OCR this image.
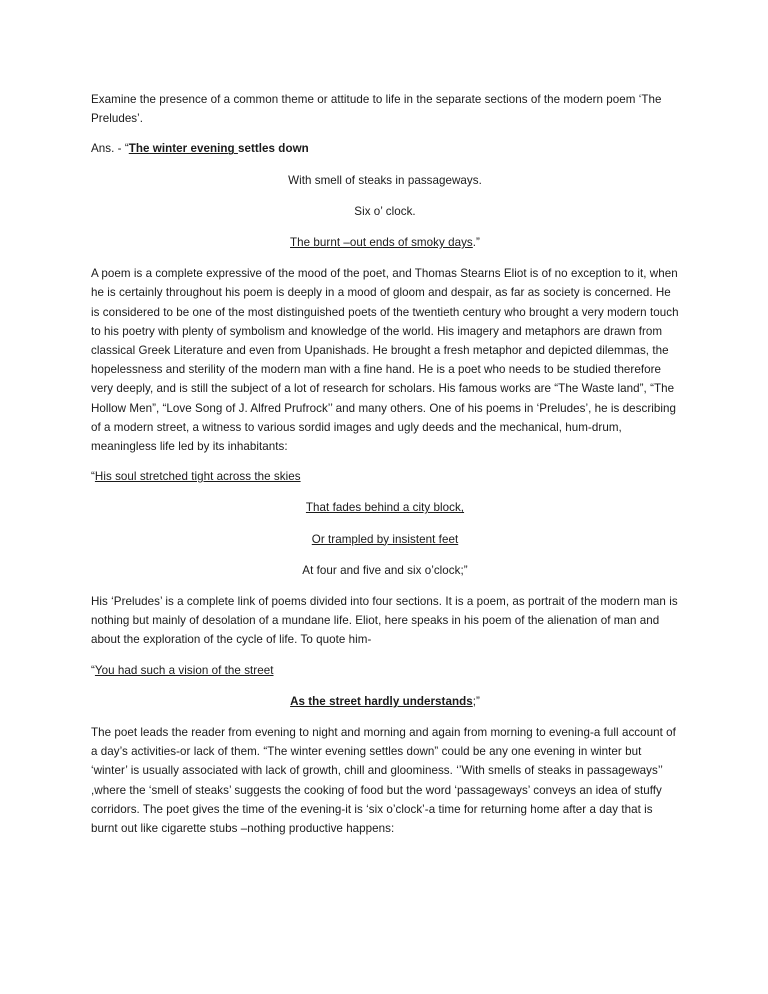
Examine the presence of a common theme or attitude to life in the separate sections of the modern poem ‘The Preludes’.

Ans. - “The winter evening settles down

With smell of steaks in passageways.

Six o’ clock.

The burnt –out ends of smoky days.”

A poem is a complete expressive of the mood of the poet, and Thomas Stearns Eliot is of no exception to it, when he is certainly throughout his poem is deeply in a mood of gloom and despair, as far as society is concerned. He is considered to be one of the most distinguished poets of the twentieth century who brought a very modern touch to his poetry with plenty of symbolism and knowledge of the world. His imagery and metaphors are drawn from classical Greek Literature and even from Upanishads. He brought a fresh metaphor and depicted dilemmas, the hopelessness and sterility of the modern man with a fine hand. He is a poet who needs to be studied therefore very deeply, and is still the subject of a lot of research for scholars. His famous works are “The Waste land”, “The Hollow Men”, “Love Song of J. Alfred Prufrock’’ and many others. One of his poems in ‘Preludes’, he is describing of a modern street, a witness to various sordid images and ugly deeds and the mechanical, hum-drum, meaningless life led by its inhabitants:

“His soul stretched tight across the skies

That fades behind a city block,

Or trampled by insistent feet

At four and five and six o’clock;”

His ‘Preludes’ is a complete link of poems divided into four sections. It is a poem, as portrait of the modern man is nothing but mainly of desolation of a mundane life. Eliot, here speaks in his poem of the alienation of man and about the exploration of the cycle of life. To quote him-

“You had such a vision of the street

As the street hardly understands;”

The poet leads the reader from evening to night and morning and again from morning to evening-a full account of a day’s activities-or lack of them. “The winter evening settles down” could be any one evening in winter but ‘winter’ is usually associated with lack of growth, chill and gloominess. ‘’With smells of steaks in passageways’’ ,where the ‘smell of steaks’ suggests the cooking of food but the word ‘passageways’ conveys an idea of stuffy corridors. The poet gives the time of the evening-it is ‘six o’clock’-a time for returning home after a day that is burnt out like cigarette stubs –nothing productive happens:
